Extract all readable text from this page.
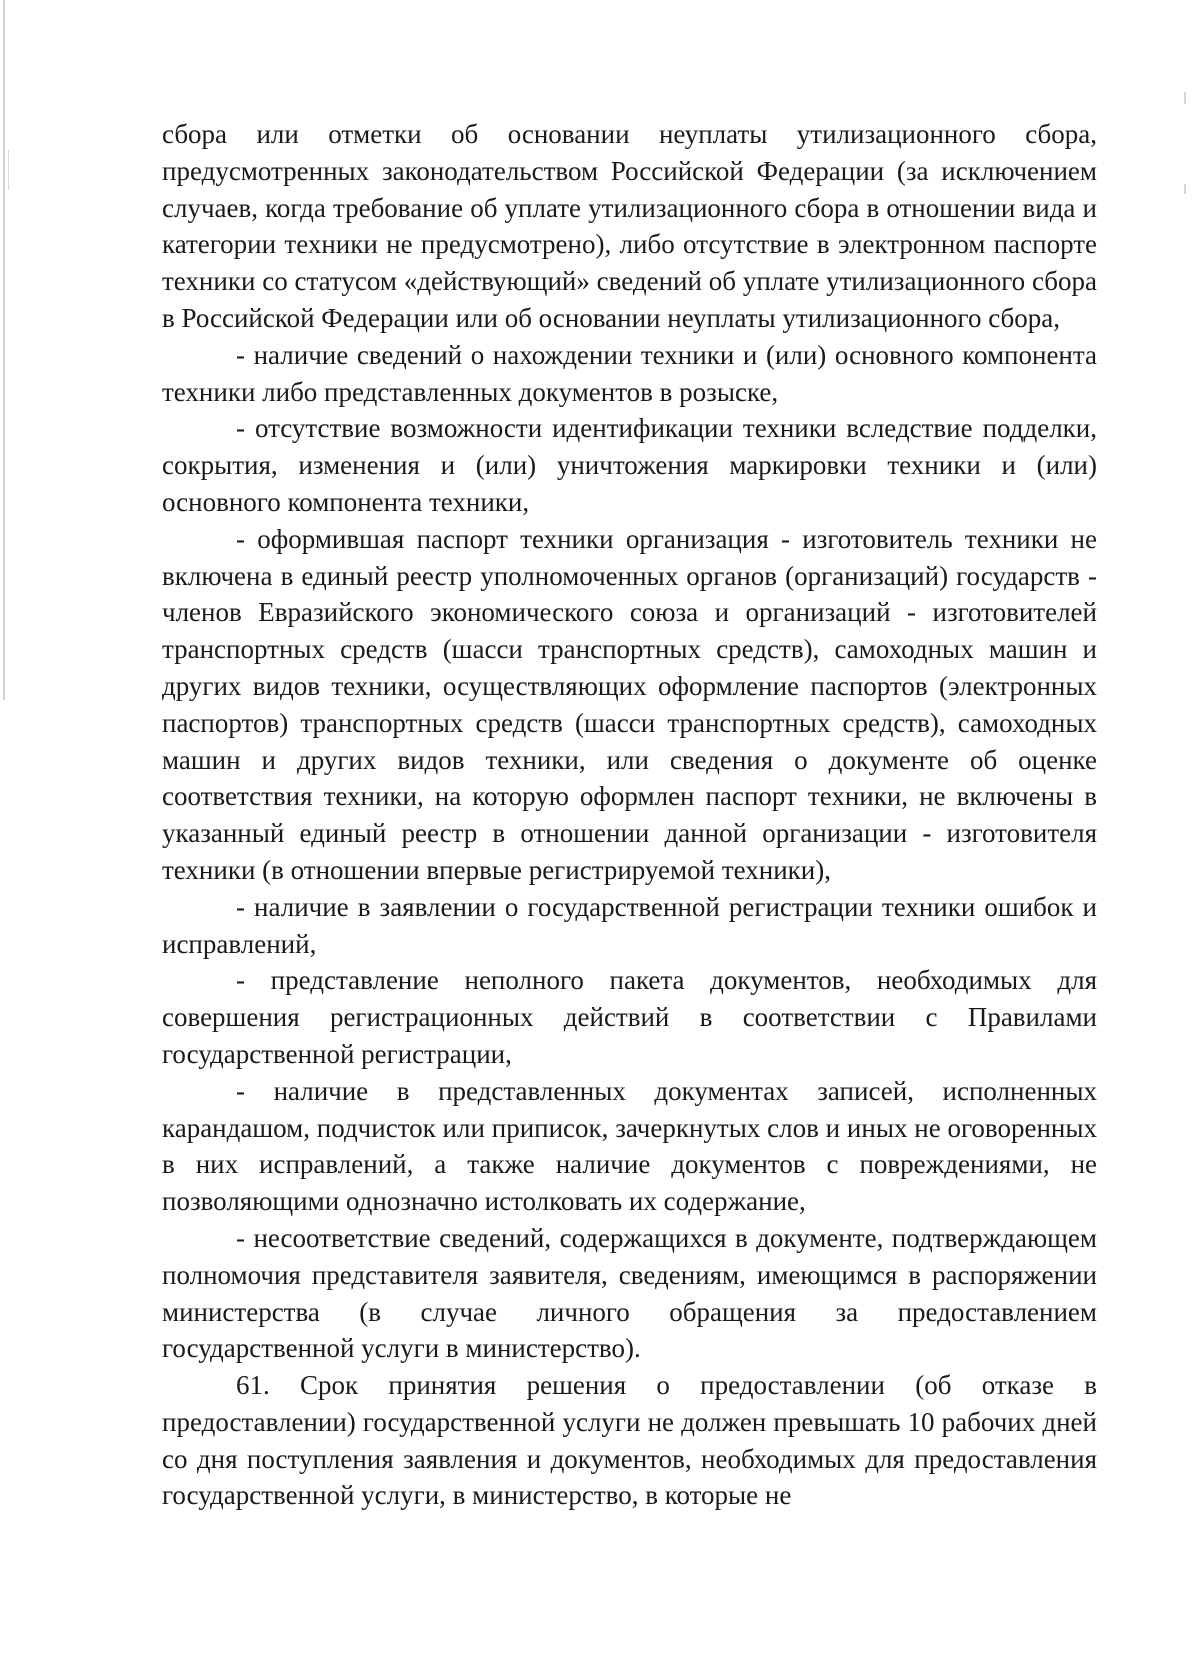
сбора или отметки об основании неуплаты утилизационного сбора, предусмотренных законодательством Российской Федерации (за исключением случаев, когда требование об уплате утилизационного сбора в отношении вида и категории техники не предусмотрено), либо отсутствие в электронном паспорте техники со статусом «действующий» сведений об уплате утилизационного сбора в Российской Федерации или об основании неуплаты утилизационного сбора,

- наличие сведений о нахождении техники и (или) основного компонента техники либо представленных документов в розыске,

- отсутствие возможности идентификации техники вследствие подделки, сокрытия, изменения и (или) уничтожения маркировки техники и (или) основного компонента техники,

- оформившая паспорт техники организация - изготовитель техники не включена в единый реестр уполномоченных органов (организаций) государств - членов Евразийского экономического союза и организаций - изготовителей транспортных средств (шасси транспортных средств), самоходных машин и других видов техники, осуществляющих оформление паспортов (электронных паспортов) транспортных средств (шасси транспортных средств), самоходных машин и других видов техники, или сведения о документе об оценке соответствия техники, на которую оформлен паспорт техники, не включены в указанный единый реестр в отношении данной организации - изготовителя техники (в отношении впервые регистрируемой техники),

- наличие в заявлении о государственной регистрации техники ошибок и исправлений,

- представление неполного пакета документов, необходимых для совершения регистрационных действий в соответствии с Правилами государственной регистрации,

- наличие в представленных документах записей, исполненных карандашом, подчисток или приписок, зачеркнутых слов и иных не оговоренных в них исправлений, а также наличие документов с повреждениями, не позволяющими однозначно истолковать их содержание,

- несоответствие сведений, содержащихся в документе, подтверждающем полномочия представителя заявителя, сведениям, имеющимся в распоряжении министерства (в случае личного обращения за предоставлением государственной услуги в министерство).

61. Срок принятия решения о предоставлении (об отказе в предоставлении) государственной услуги не должен превышать 10 рабочих дней со дня поступления заявления и документов, необходимых для предоставления государственной услуги, в министерство, в которые не
